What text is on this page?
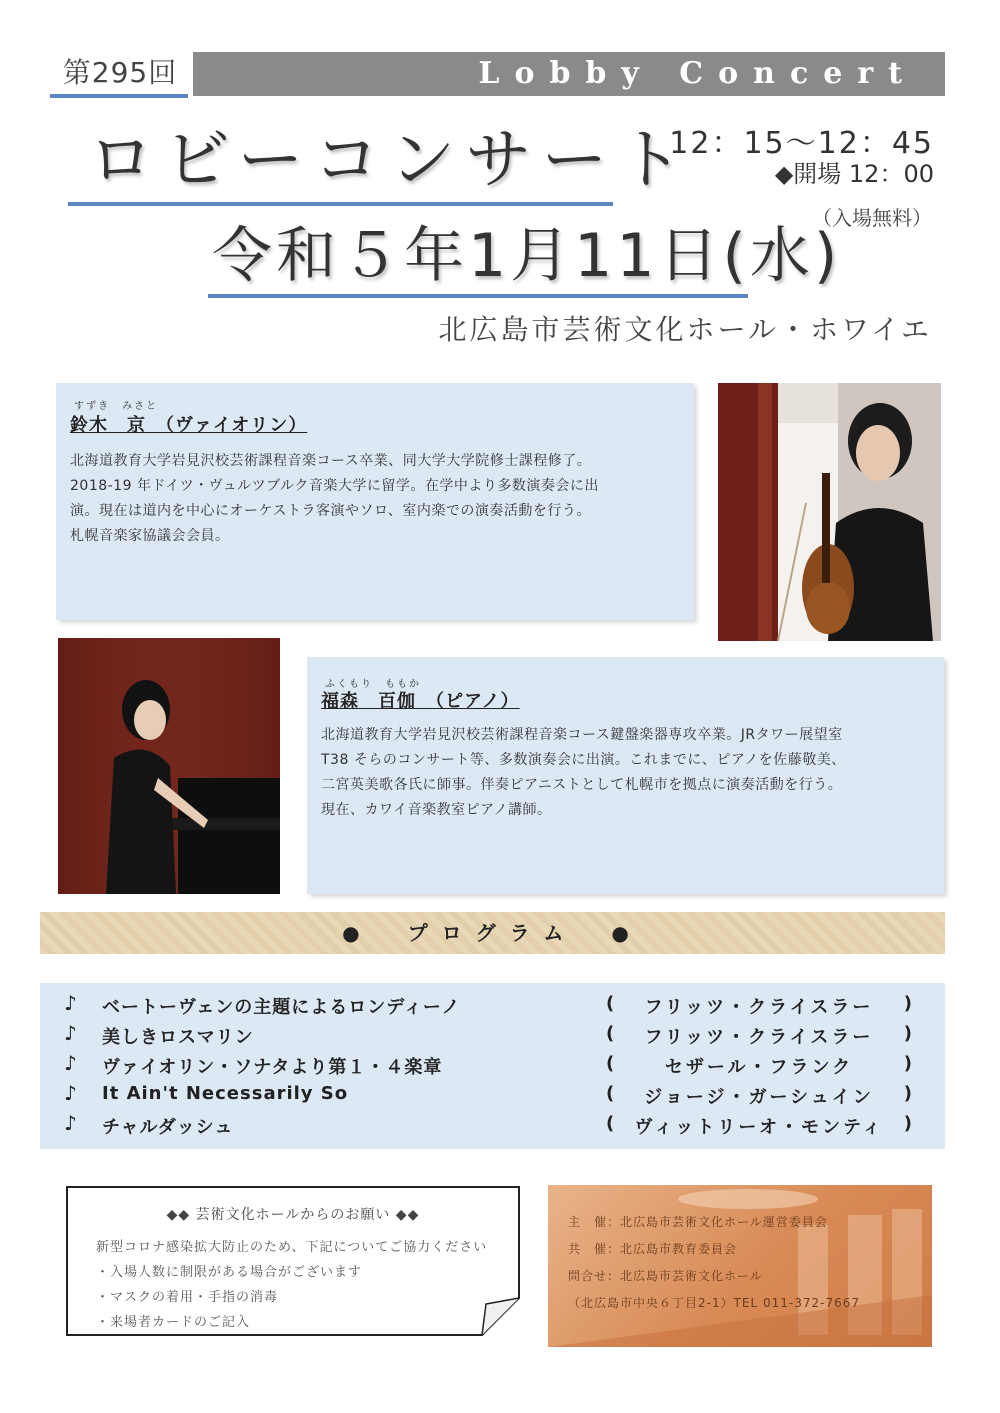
第295回	Lobby Concert
ロビーコンサート
令和５年1月11日(水)
12：15～12：45
◆開場 12：00
（入場無料）
北広島市芸術文化ホール・ホワイエ
すずき　みさと
鈴木　京　（ヴァイオリン）
北海道教育大学岩見沢校芸術課程音楽コース卒業、同大学大学院修士課程修了。
2018-19 年ドイツ・ヴュルツブルク音楽大学に留学。在学中より多数演奏会に出
演。現在は道内を中心にオーケストラ客演やソロ、室内楽での演奏活動を行う。
札幌音楽家協議会会員。
ふくもり　ももか
福森　百伽　（ピアノ）
北海道教育大学岩見沢校芸術課程音楽コース鍵盤楽器専攻卒業。JRタワー展望室
T38 そらのコンサート等、多数演奏会に出演。これまでに、ピアノを佐藤敬美、
二宮英美歌各氏に師事。伴奏ピアニストとして札幌市を拠点に演奏活動を行う。
現在、カワイ音楽教室ピアノ講師。
●　プログラム　●
♪ ベートーヴェンの主題によるロンディーノ	(	フリッツ・クライスラー	)
♪ 美しきロスマリン	(	フリッツ・クライスラー	)
♪ ヴァイオリン・ソナタより第１・４楽章	(	セザール・フランク	)
♪ It Ain't Necessarily So	(	ジョージ・ガーシュイン	)
♪ チャルダッシュ	(	ヴィットリーオ・モンティ	)
◆◆ 芸術文化ホールからのお願い ◆◆
新型コロナ感染拡大防止のため、下記についてご協力ください
・入場人数に制限がある場合がございます
・マスクの着用・手指の消毒
・来場者カードのご記入
主　催：北広島市芸術文化ホール運営委員会
共　催：北広島市教育委員会
問合せ：北広島市芸術文化ホール
（北広島市中央６丁目2-1）TEL 011-372-7667
